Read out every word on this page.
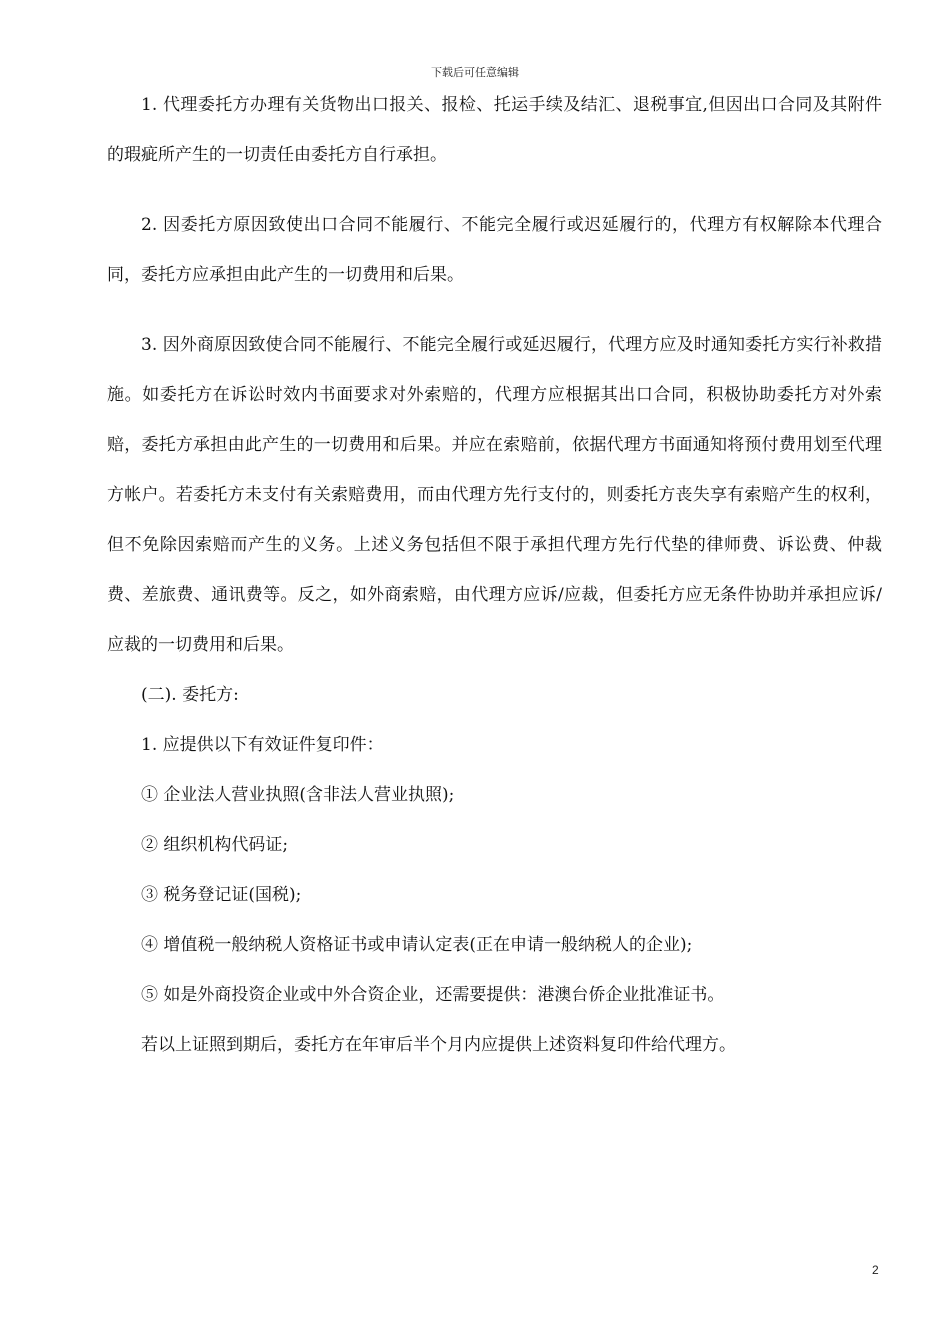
下载后可任意编辑

1. 代理委托方办理有关货物出口报关、报检、托运手续及结汇、退税事宜,但因出口合同及其附件的瑕疵所产生的一切责任由委托方自行承担。

2. 因委托方原因致使出口合同不能履行、不能完全履行或迟延履行的，代理方有权解除本代理合同，委托方应承担由此产生的一切费用和后果。

3. 因外商原因致使合同不能履行、不能完全履行或延迟履行，代理方应及时通知委托方实行补救措施。如委托方在诉讼时效内书面要求对外索赔的，代理方应根据其出口合同，积极协助委托方对外索赔，委托方承担由此产生的一切费用和后果。并应在索赔前，依据代理方书面通知将预付费用划至代理方帐户。若委托方未支付有关索赔费用，而由代理方先行支付的，则委托方丧失享有索赔产生的权利，但不免除因索赔而产生的义务。上述义务包括但不限于承担代理方先行代垫的律师费、诉讼费、仲裁费、差旅费、通讯费等。反之，如外商索赔，由代理方应诉/应裁，但委托方应无条件协助并承担应诉/应裁的一切费用和后果。

(二). 委托方:

1. 应提供以下有效证件复印件：

① 企业法人营业执照(含非法人营业执照);

② 组织机构代码证;

③ 税务登记证(国税);

④ 增值税一般纳税人资格证书或申请认定表(正在申请一般纳税人的企业);

⑤ 如是外商投资企业或中外合资企业，还需要提供：港澳台侨企业批准证书。

若以上证照到期后，委托方在年审后半个月内应提供上述资料复印件给代理方。

2
